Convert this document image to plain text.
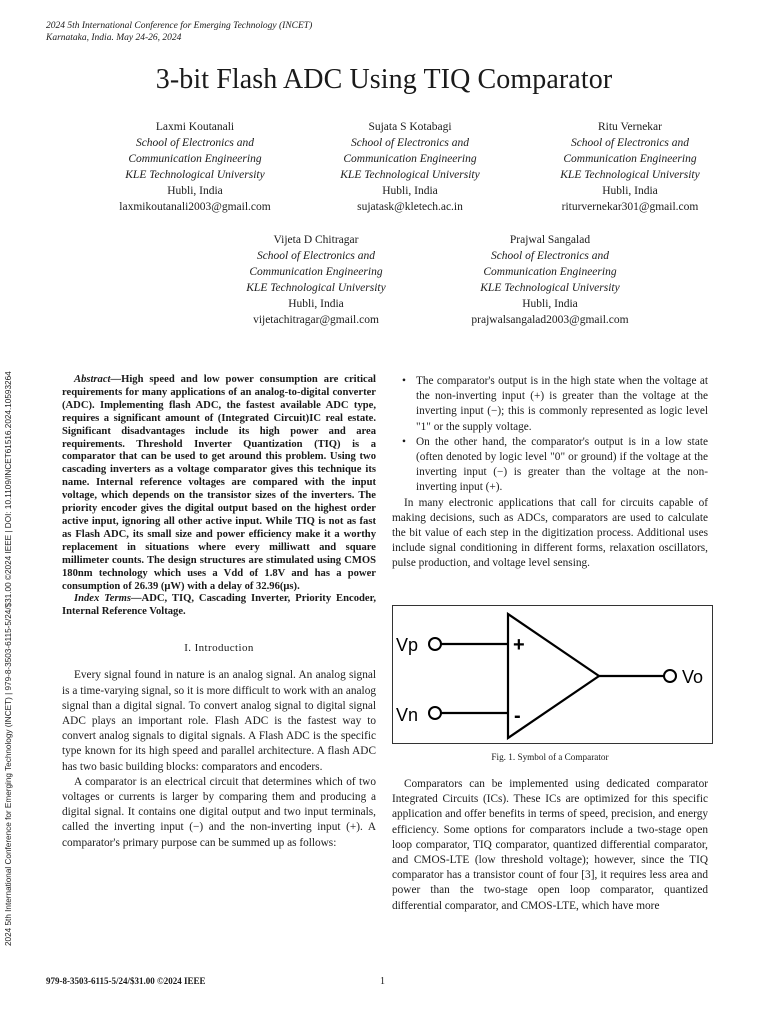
2024 5th International Conference for Emerging Technology (INCET)
Karnataka, India. May 24-26, 2024
3-bit Flash ADC Using TIQ Comparator
Laxmi Koutanali
School of Electronics and
Communication Engineering
KLE Technological University
Hubli, India
laxmikoutanali2003@gmail.com
Sujata S Kotabagi
School of Electronics and
Communication Engineering
KLE Technological University
Hubli, India
sujatask@kletech.ac.in
Ritu Vernekar
School of Electronics and
Communication Engineering
KLE Technological University
Hubli, India
riturvernekar301@gmail.com
Vijeta D Chitragar
School of Electronics and
Communication Engineering
KLE Technological University
Hubli, India
vijetachitragar@gmail.com
Prajwal Sangalad
School of Electronics and
Communication Engineering
KLE Technological University
Hubli, India
prajwalsangalad2003@gmail.com
2024 5th International Conference for Emerging Technology (INCET) | 979-8-3503-6115-5/24/$31.00 ©2024 IEEE | DOI: 10.1109/INCET61516.2024.10593264	Abstract—High speed and low power consumption are critical requirements for many applications of an analog-to-digital converter (ADC). Implementing flash ADC, the fastest available ADC type, requires a significant amount of (Integrated Circuit)IC real estate. Significant disadvantages include its high power and area requirements. Threshold Inverter Quantization (TIQ) is a comparator that can be used to get around this problem. Using two cascading inverters as a voltage comparator gives this technique its name. Internal reference voltages are compared with the input voltage, which depends on the transistor sizes of the inverters. The priority encoder gives the digital output based on the highest order active input, ignoring all other active input. While TIQ is not as fast as Flash ADC, its small size and power efficiency make it a worthy replacement in situations where every milliwatt and square millimeter counts. The design structures are stimulated using CMOS 180nm technology which uses a Vdd of 1.8V and has a power consumption of 26.39 (μW) with a delay of 32.96(μs).

Index Terms—ADC, TIQ, Cascading Inverter, Priority Encoder, Internal Reference Voltage.

I. Introduction

Every signal found in nature is an analog signal. An analog signal is a time-varying signal, so it is more difficult to work with an analog signal than a digital signal. To convert analog signal to digital signal ADC plays an important role. Flash ADC is the fastest way to convert analog signals to digital signals. A Flash ADC is the specific type known for its high speed and parallel architecture. A flash ADC has two basic building blocks: comparators and encoders.

A comparator is an electrical circuit that determines which of two voltages or currents is larger by comparing them and producing a digital signal. It contains one digital output and two input terminals, called the inverting input (−) and the non-inverting input (+). A comparator's primary purpose can be summed up as follows:

• The comparator's output is in the high state when the voltage at the non-inverting input (+) is greater than the voltage at the inverting input (−); this is commonly represented as logic level "1" or the supply voltage.
• On the other hand, the comparator's output is in a low state (often denoted by logic level "0" or ground) if the voltage at the inverting input (−) is greater than the voltage at the non-inverting input (+).

In many electronic applications that call for circuits capable of making decisions, such as ADCs, comparators are used to calculate the bit value of each step in the digitization process. Additional uses include signal conditioning in different forms, relaxation oscillators, pulse production, and voltage level sensing.

Vp
Vn
+
-
Vo
Fig. 1. Symbol of a Comparator

Comparators can be implemented using dedicated comparator Integrated Circuits (ICs). These ICs are optimized for this specific application and offer benefits in terms of speed, precision, and energy efficiency. Some options for comparators include a two-stage open loop comparator, TIQ comparator, quantized differential comparator, and CMOS-LTE (low threshold voltage); however, since the TIQ comparator has a transistor count of four [3], it requires less area and power than the two-stage open loop comparator, quantized differential comparator, and CMOS-LTE, which have more

979-8-3503-6115-5/24/$31.00 ©2024 IEEE	1
